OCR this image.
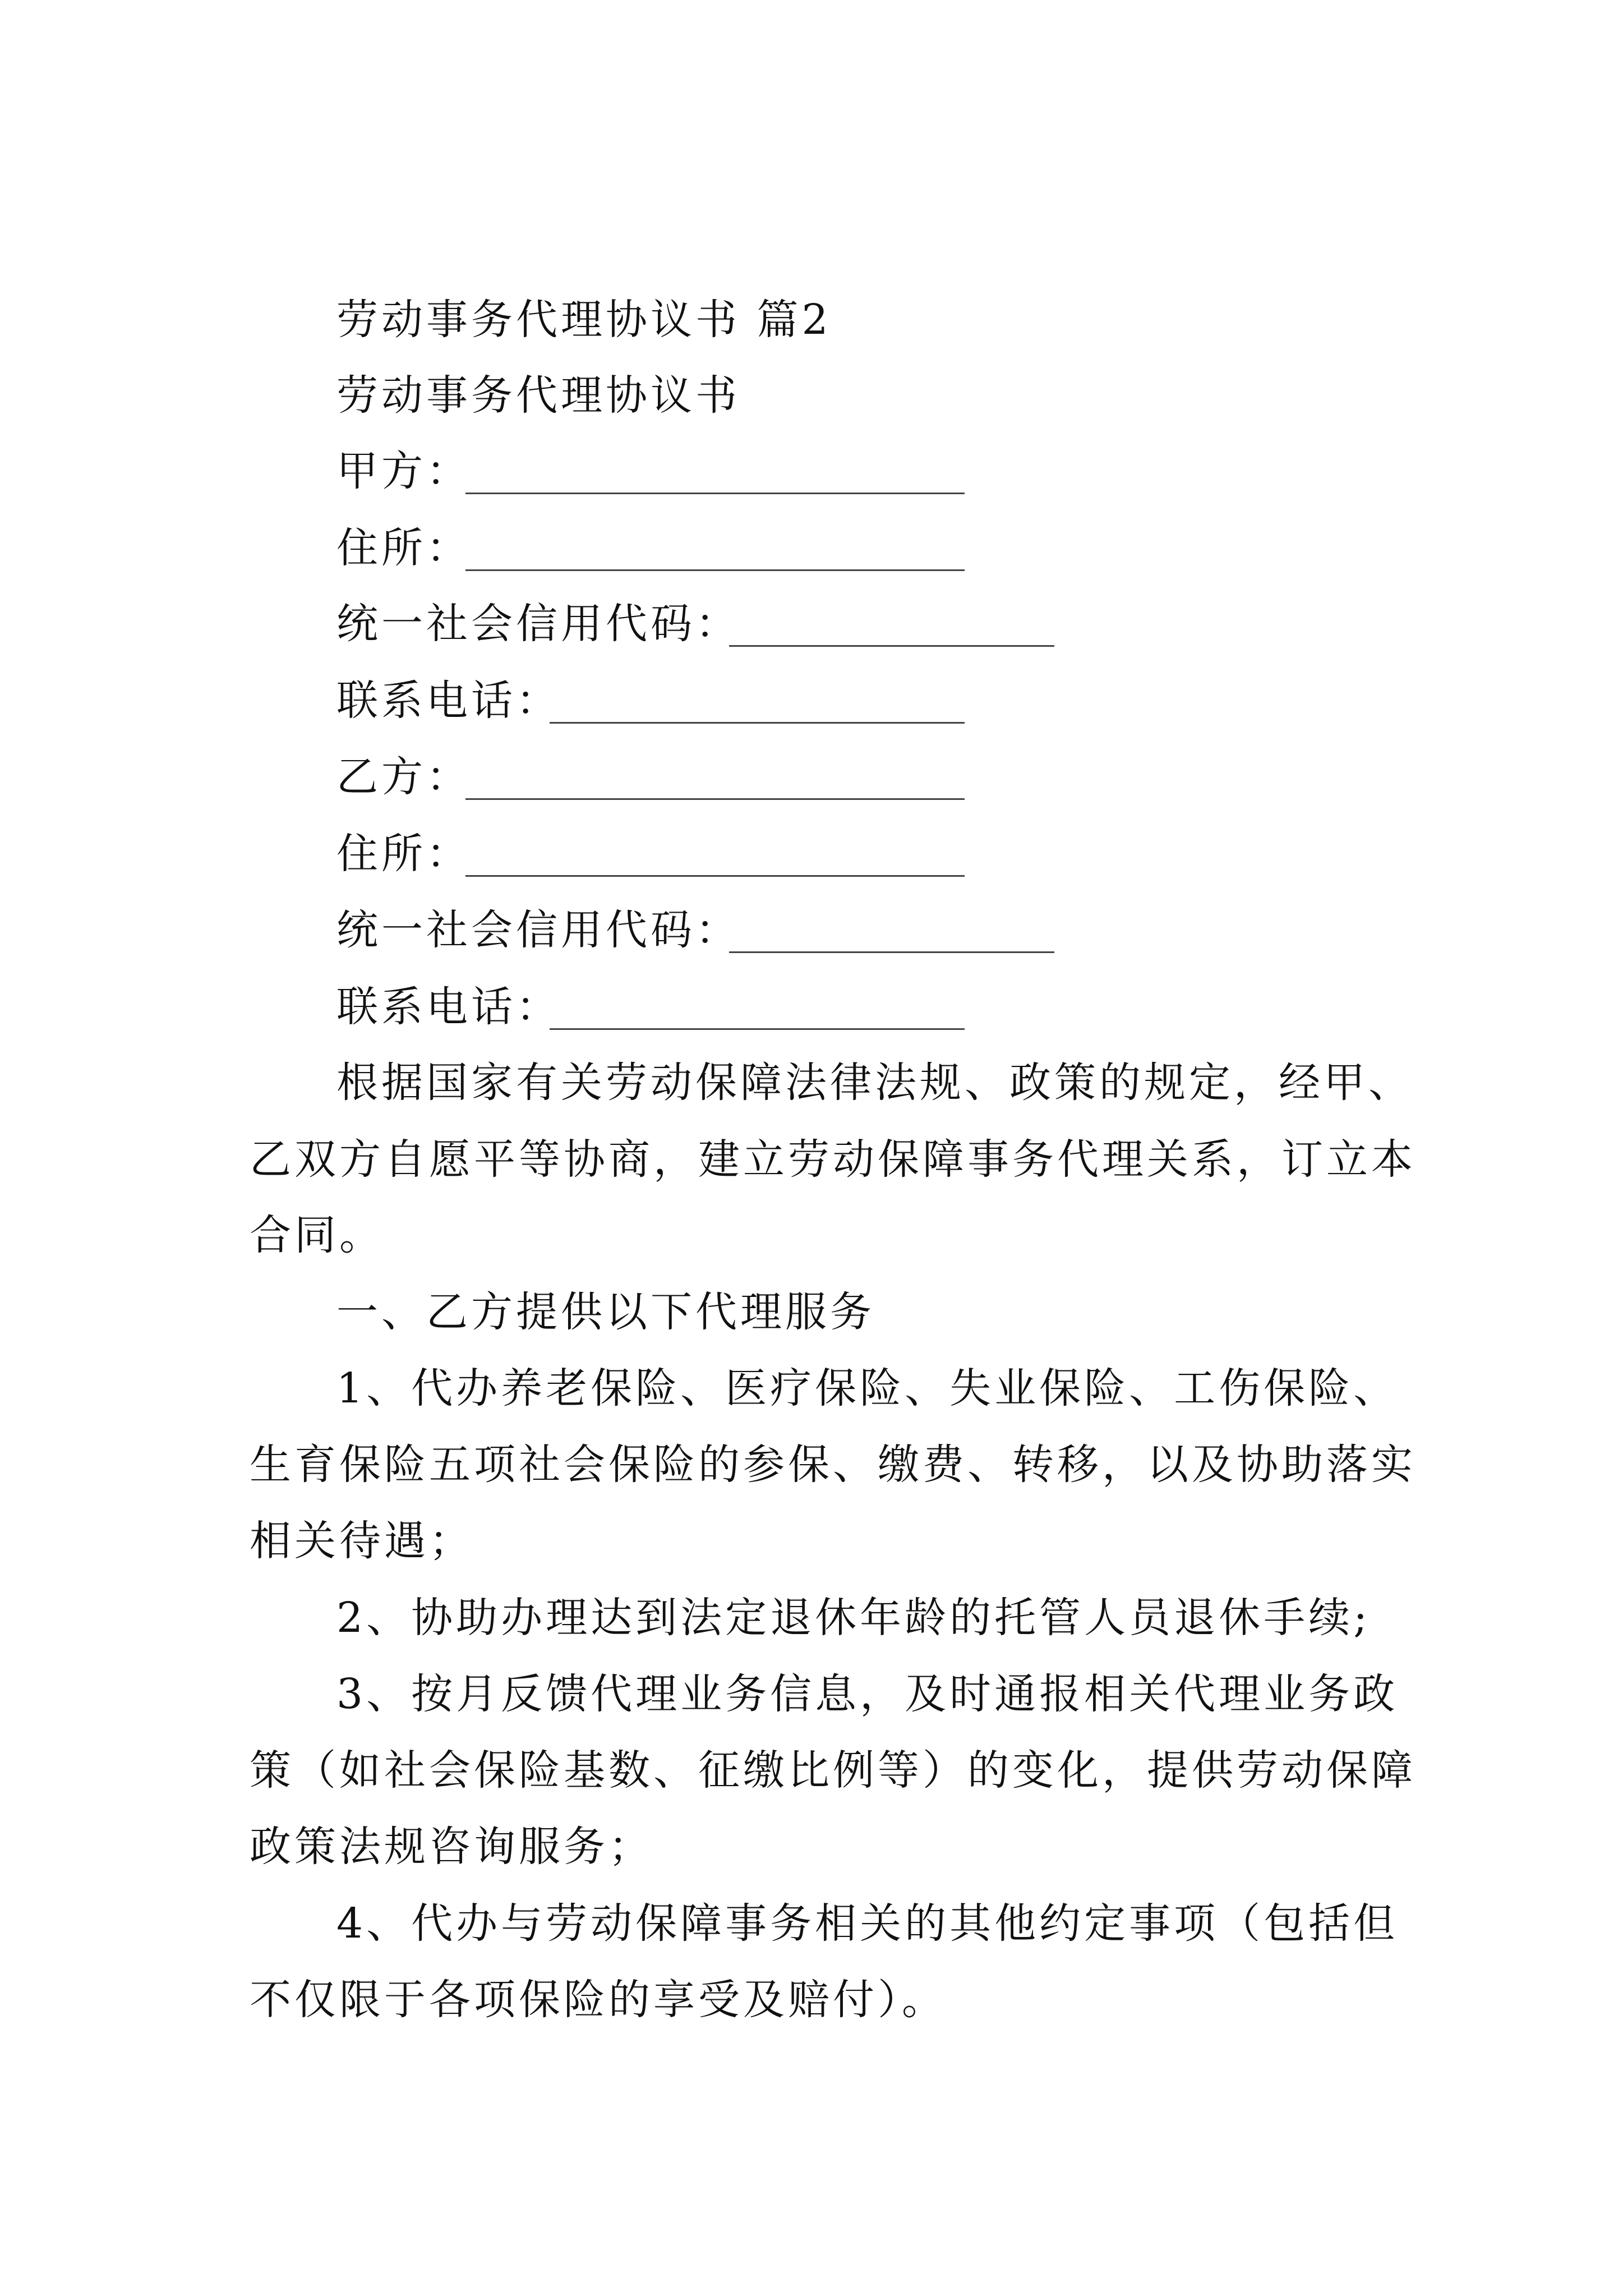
劳动事务代理协议书 篇2
劳动事务代理协议书
甲方：
住所：
统一社会信用代码：
联系电话：
乙方：
住所：
统一社会信用代码：
联系电话：
根据国家有关劳动保障法律法规、政策的规定，经甲、
乙双方自愿平等协商，建立劳动保障事务代理关系，订立本
合同。
一、乙方提供以下代理服务
1、代办养老保险、医疗保险、失业保险、工伤保险、
生育保险五项社会保险的参保、缴费、转移，以及协助落实
相关待遇；
2、协助办理达到法定退休年龄的托管人员退休手续;
3、按月反馈代理业务信息，及时通报相关代理业务政
策（如社会保险基数、征缴比例等）的变化，提供劳动保障
政策法规咨询服务；
4、代办与劳动保障事务相关的其他约定事项（包括但
不仅限于各项保险的享受及赔付）。
